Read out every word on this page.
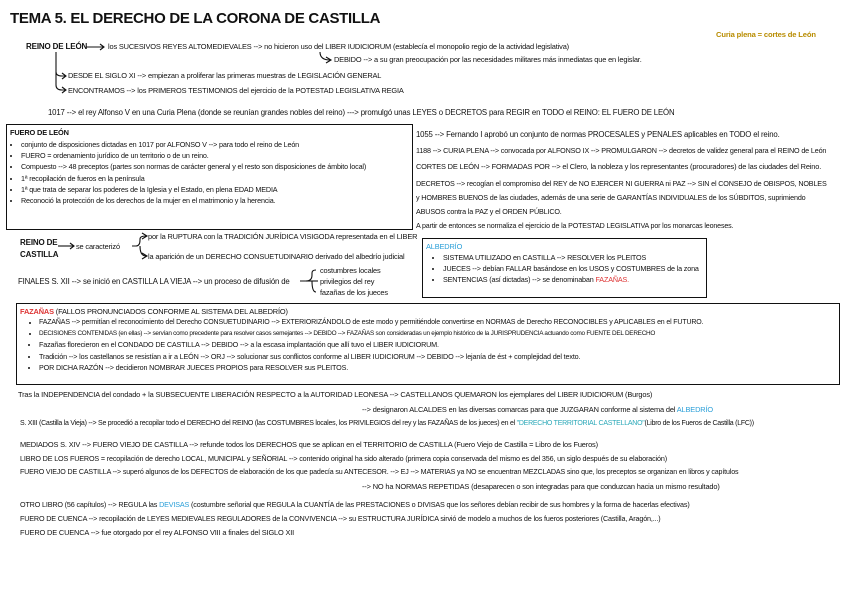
TEMA 5. EL DERECHO DE LA CORONA DE CASTILLA
Curia plena = cortes de León
REINO DE LEÓN	los SUCESIVOS REYES ALTOMEDIEVALES --> no hicieron uso del LIBER IUDICIORUM (establecía el monopolio regio de la actividad legislativa)
DEBIDO --> a su gran preocupación por las necesidades militares más inmediatas que en legislar.
DESDE EL SIGLO XI --> empiezan a proliferar las primeras muestras de LEGISLACIÓN GENERAL
ENCONTRAMOS --> los PRIMEROS TESTIMONIOS del ejercicio de la POTESTAD LEGISLATIVA REGIA
1017 --> el rey Alfonso V en una Curia Plena (donde se reunían grandes nobles del reino) ---> promulgó unas LEYES o DECRETOS para REGIR en TODO el REINO: EL FUERO DE LEÓN
FUERO DE LEÓN
• conjunto de disposiciones dictadas en 1017 por ALFONSO V --> para todo el reino de León
• FUERO = ordenamiento jurídico de un territorio o de un reino.
• Compuesto --> 48 preceptos (partes son normas de carácter general y el resto son disposiciones de ámbito local)
• 1ª recopilación de fueros en la península
• 1ª que trata de separar los poderes de la Iglesia y el Estado, en plena EDAD MEDIA
• Reconoció la protección de los derechos de la mujer en el matrimonio y la herencia.
1055 --> Fernando I aprobó un conjunto de normas PROCESALES y PENALES aplicables en TODO el reino.
1188 --> CURIA PLENA --> convocada por ALFONSO IX --> PROMULGARON --> decretos de validez general para el REINO de León
CORTES DE LEÓN --> FORMADAS POR --> el Clero, la nobleza y los representantes (procuradores) de las ciudades del Reino.
DECRETOS --> recogían el compromiso del REY de NO EJERCER NI GUERRA ni PAZ --> SIN el CONSEJO de OBISPOS, NOBLES
y HOMBRES BUENOS de las ciudades, además de una serie de GARANTÍAS INDIVIDUALES de los SÚBDITOS, suprimiendo
ABUSOS contra la PAZ y el ORDEN PÚBLICO.
A partir de entonces se normaliza el ejercicio de la POTESTAD LEGISLATIVA por los monarcas leoneses.
REINO DE
CASTILLA
se caracterizó
por la RUPTURA con la TRADICIÓN JURÍDICA VISIGODA representada en el LIBER
la aparición de un DERECHO CONSUETUDINARIO derivado del albedrío judicial
FINALES S. XII --> se inició en CASTILLA LA VIEJA --> un proceso de difusión de
costumbres locales
privilegios del rey
fazañas de los jueces
ALBEDRÍO
• SISTEMA UTILIZADO en CASTILLA --> RESOLVER los PLEITOS
• JUECES --> debían FALLAR basándose en los USOS y COSTUMBRES de la zona
• SENTENCIAS (así dictadas) --> se denominaban FAZAÑAS.
FAZAÑAS (FALLOS PRONUNCIADOS CONFORME AL SISTEMA DEL ALBEDRÍO)
• FAZAÑAS --> permitían el reconocimiento del Derecho CONSUETUDINARIO --> EXTERIORIZÁNDOLO de este modo y permitiéndole convertirse en NORMAS de Derecho RECONOCIBLES y APLICABLES en el FUTURO.
• DECISIONES CONTENIDAS (en ellas) --> servían como precedente para resolver casos semejantes --> DEBIDO --> FAZAÑAS son consideradas un ejemplo histórico de la JURISPRUDENCIA actuando como FUENTE DEL DERECHO
• Fazañas florecieron en el CONDADO DE CASTILLA --> DEBIDO --> a la escasa implantación que allí tuvo el LIBER IUDICIORUM.
• Tradición --> los castellanos se resistían a ir a LEÓN --> ORJ --> solucionar sus conflictos conforme al LIBER IUDICIORUM --> DEBIDO --> lejanía de ést + complejidad del texto.
• POR DICHA RAZÓN --> decidieron NOMBRAR JUECES PROPIOS para RESOLVER sus PLEITOS.
Tras la INDEPENDENCIA del condado + la SUBSECUENTE LIBERACIÓN RESPECTO a la AUTORIDAD LEONESA --> CASTELLANOS QUEMARON los ejemplares del LIBER IUDICIORUM (Burgos)
--> designaron ALCALDES en las diversas comarcas para que JUZGARAN conforme al sistema del ALBEDRÍO
S. XIII (Castilla la Vieja) --> Se procedió a recopilar todo el DERECHO del REINO (las COSTUMBRES locales, los PRIVILEGIOS del rey y las FAZAÑAS de los jueces) en el "DERECHO TERRITORIAL CASTELLANO"(Libro de los Fueros de Castilla (LFC))
MEDIADOS S. XIV --> FUERO VIEJO DE CASTILLA --> refunde todos los DERECHOS que se aplican en el TERRITORIO de CASTILLA (Fuero Viejo de Castilla = Libro de los Fueros)
LIBRO DE LOS FUEROS = recopilación de derecho LOCAL, MUNICIPAL y SEÑORIAL --> contenido original ha sido alterado (primera copia conservada del mismo es del 356, un siglo después de su elaboración)
FUERO VIEJO DE CASTILLA --> superó algunos de los DEFECTOS de elaboración de los que padecía su ANTECESOR. --> EJ --> MATERIAS ya NO se encuentran MEZCLADAS sino que, los preceptos se organizan en libros y capítulos
--> NO ha NORMAS REPETIDAS (desaparecen o son integradas para que conduzcan hacia un mismo resultado)
OTRO LIBRO (56 capítulos) --> REGULA las DEVISAS (costumbre señorial que REGULA la CUANTÍA de las PRESTACIONES o DIVISAS que los señores debían recibir de sus hombres y la forma de hacerlas efectivas)
FUERO DE CUENCA --> recopilación de LEYES MEDIEVALES REGULADORES de la CONVIVENCIA --> su ESTRUCTURA JURÍDICA sirvió de modelo a muchos de los fueros posteriores (Castilla, Aragón,...)
FUERO DE CUENCA --> fue otorgado por el rey ALFONSO VIII a finales del SIGLO XII
